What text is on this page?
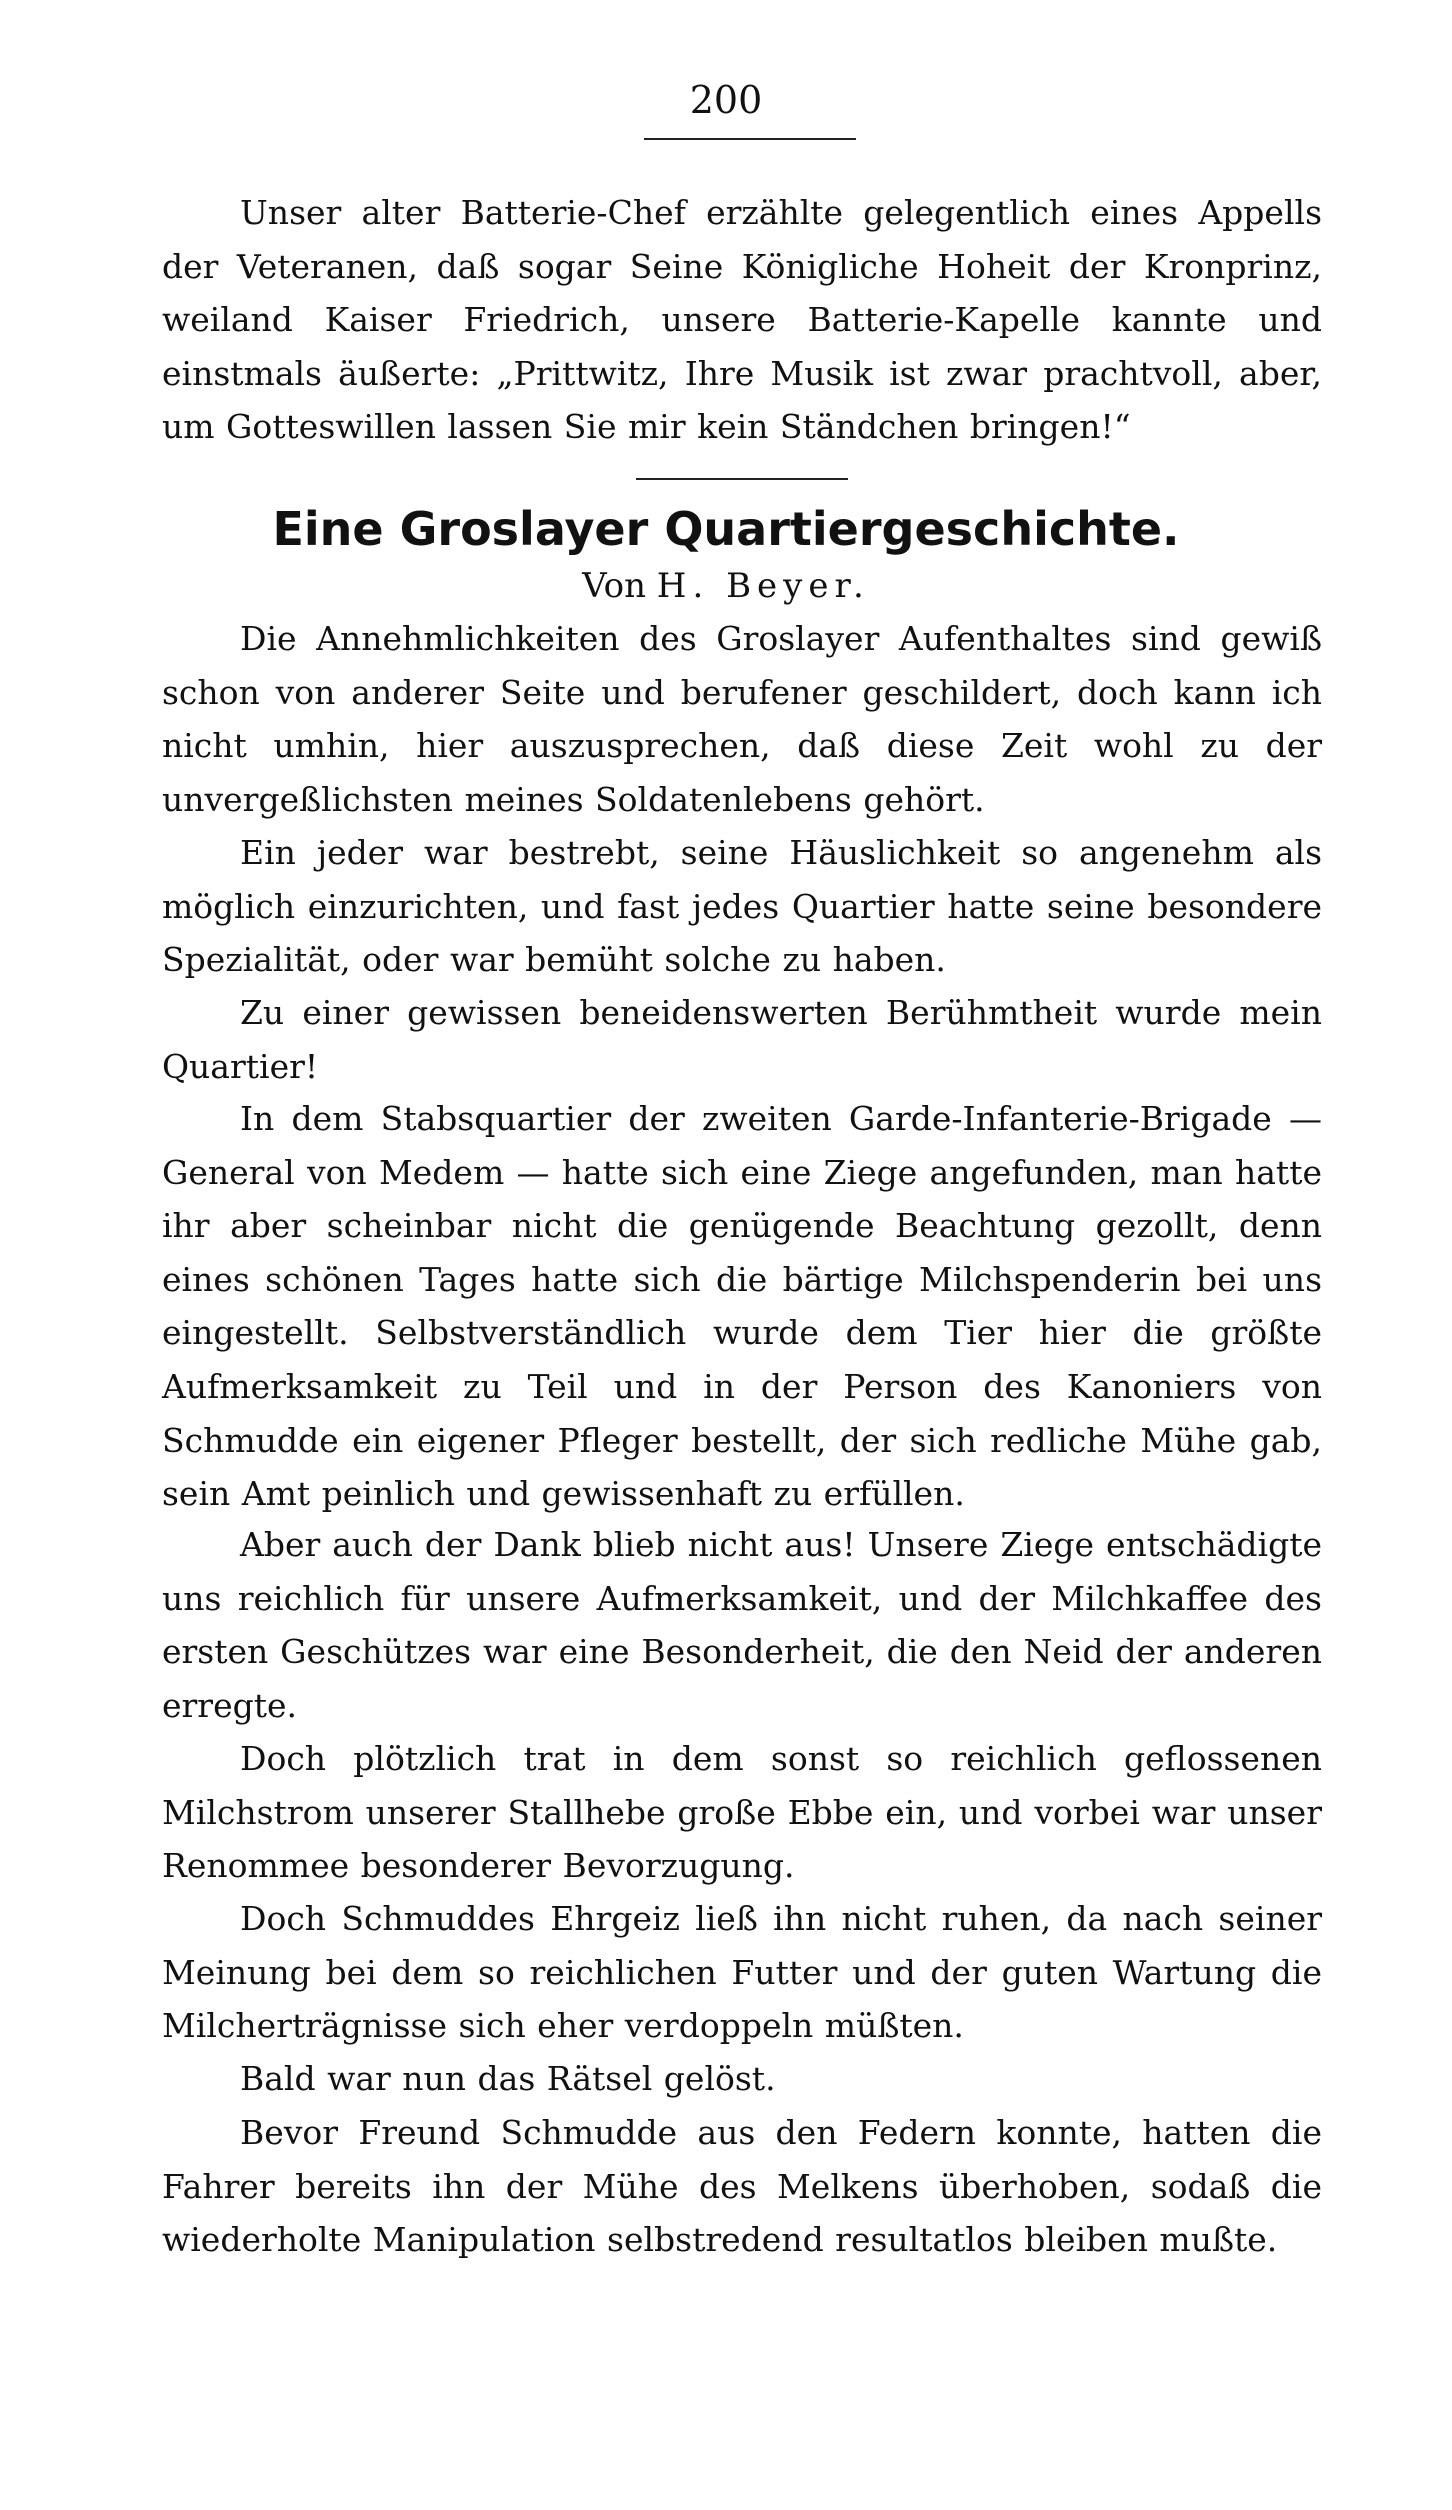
200

Unser alter Batterie-Chef erzählte gelegentlich eines Appells der Veteranen, daß sogar Seine Königliche Hoheit der Kronprinz, weiland Kaiser Friedrich, unsere Batterie-Kapelle kannte und einstmals äußerte: „Prittwitz, Ihre Musik ist zwar prachtvoll, aber, um Gotteswillen lassen Sie mir kein Ständchen bringen!“

Eine Groslayer Quartiergeschichte.
Von H. Beyer.

Die Annehmlichkeiten des Groslayer Aufenthaltes sind gewiß schon von anderer Seite und berufener geschildert, doch kann ich nicht umhin, hier auszusprechen, daß diese Zeit wohl zu der unvergeßlichsten meines Soldatenlebens gehört.

Ein jeder war bestrebt, seine Häuslichkeit so angenehm als möglich einzurichten, und fast jedes Quartier hatte seine besondere Spezialität, oder war bemüht solche zu haben.

Zu einer gewissen beneidenswerten Berühmtheit wurde mein Quartier!

In dem Stabsquartier der zweiten Garde-Infanterie-Brigade — General von Medem — hatte sich eine Ziege angefunden, man hatte ihr aber scheinbar nicht die genügende Beachtung gezollt, denn eines schönen Tages hatte sich die bärtige Milchspenderin bei uns eingestellt. Selbstverständlich wurde dem Tier hier die größte Aufmerksamkeit zu Teil und in der Person des Kanoniers von Schmudde ein eigener Pfleger bestellt, der sich redliche Mühe gab, sein Amt peinlich und gewissenhaft zu erfüllen.

Aber auch der Dank blieb nicht aus! Unsere Ziege entschädigte uns reichlich für unsere Aufmerksamkeit, und der Milchkaffee des ersten Geschützes war eine Besonderheit, die den Neid der anderen erregte.

Doch plötzlich trat in dem sonst so reichlich geflossenen Milchstrom unserer Stallhebe große Ebbe ein, und vorbei war unser Renommee besonderer Bevorzugung.

Doch Schmuddes Ehrgeiz ließ ihn nicht ruhen, da nach seiner Meinung bei dem so reichlichen Futter und der guten Wartung die Milcherträgnisse sich eher verdoppeln müßten.

Bald war nun das Rätsel gelöst.

Bevor Freund Schmudde aus den Federn konnte, hatten die Fahrer bereits ihn der Mühe des Melkens überhoben, sodaß die wiederholte Manipulation selbstredend resultatlos bleiben mußte.
